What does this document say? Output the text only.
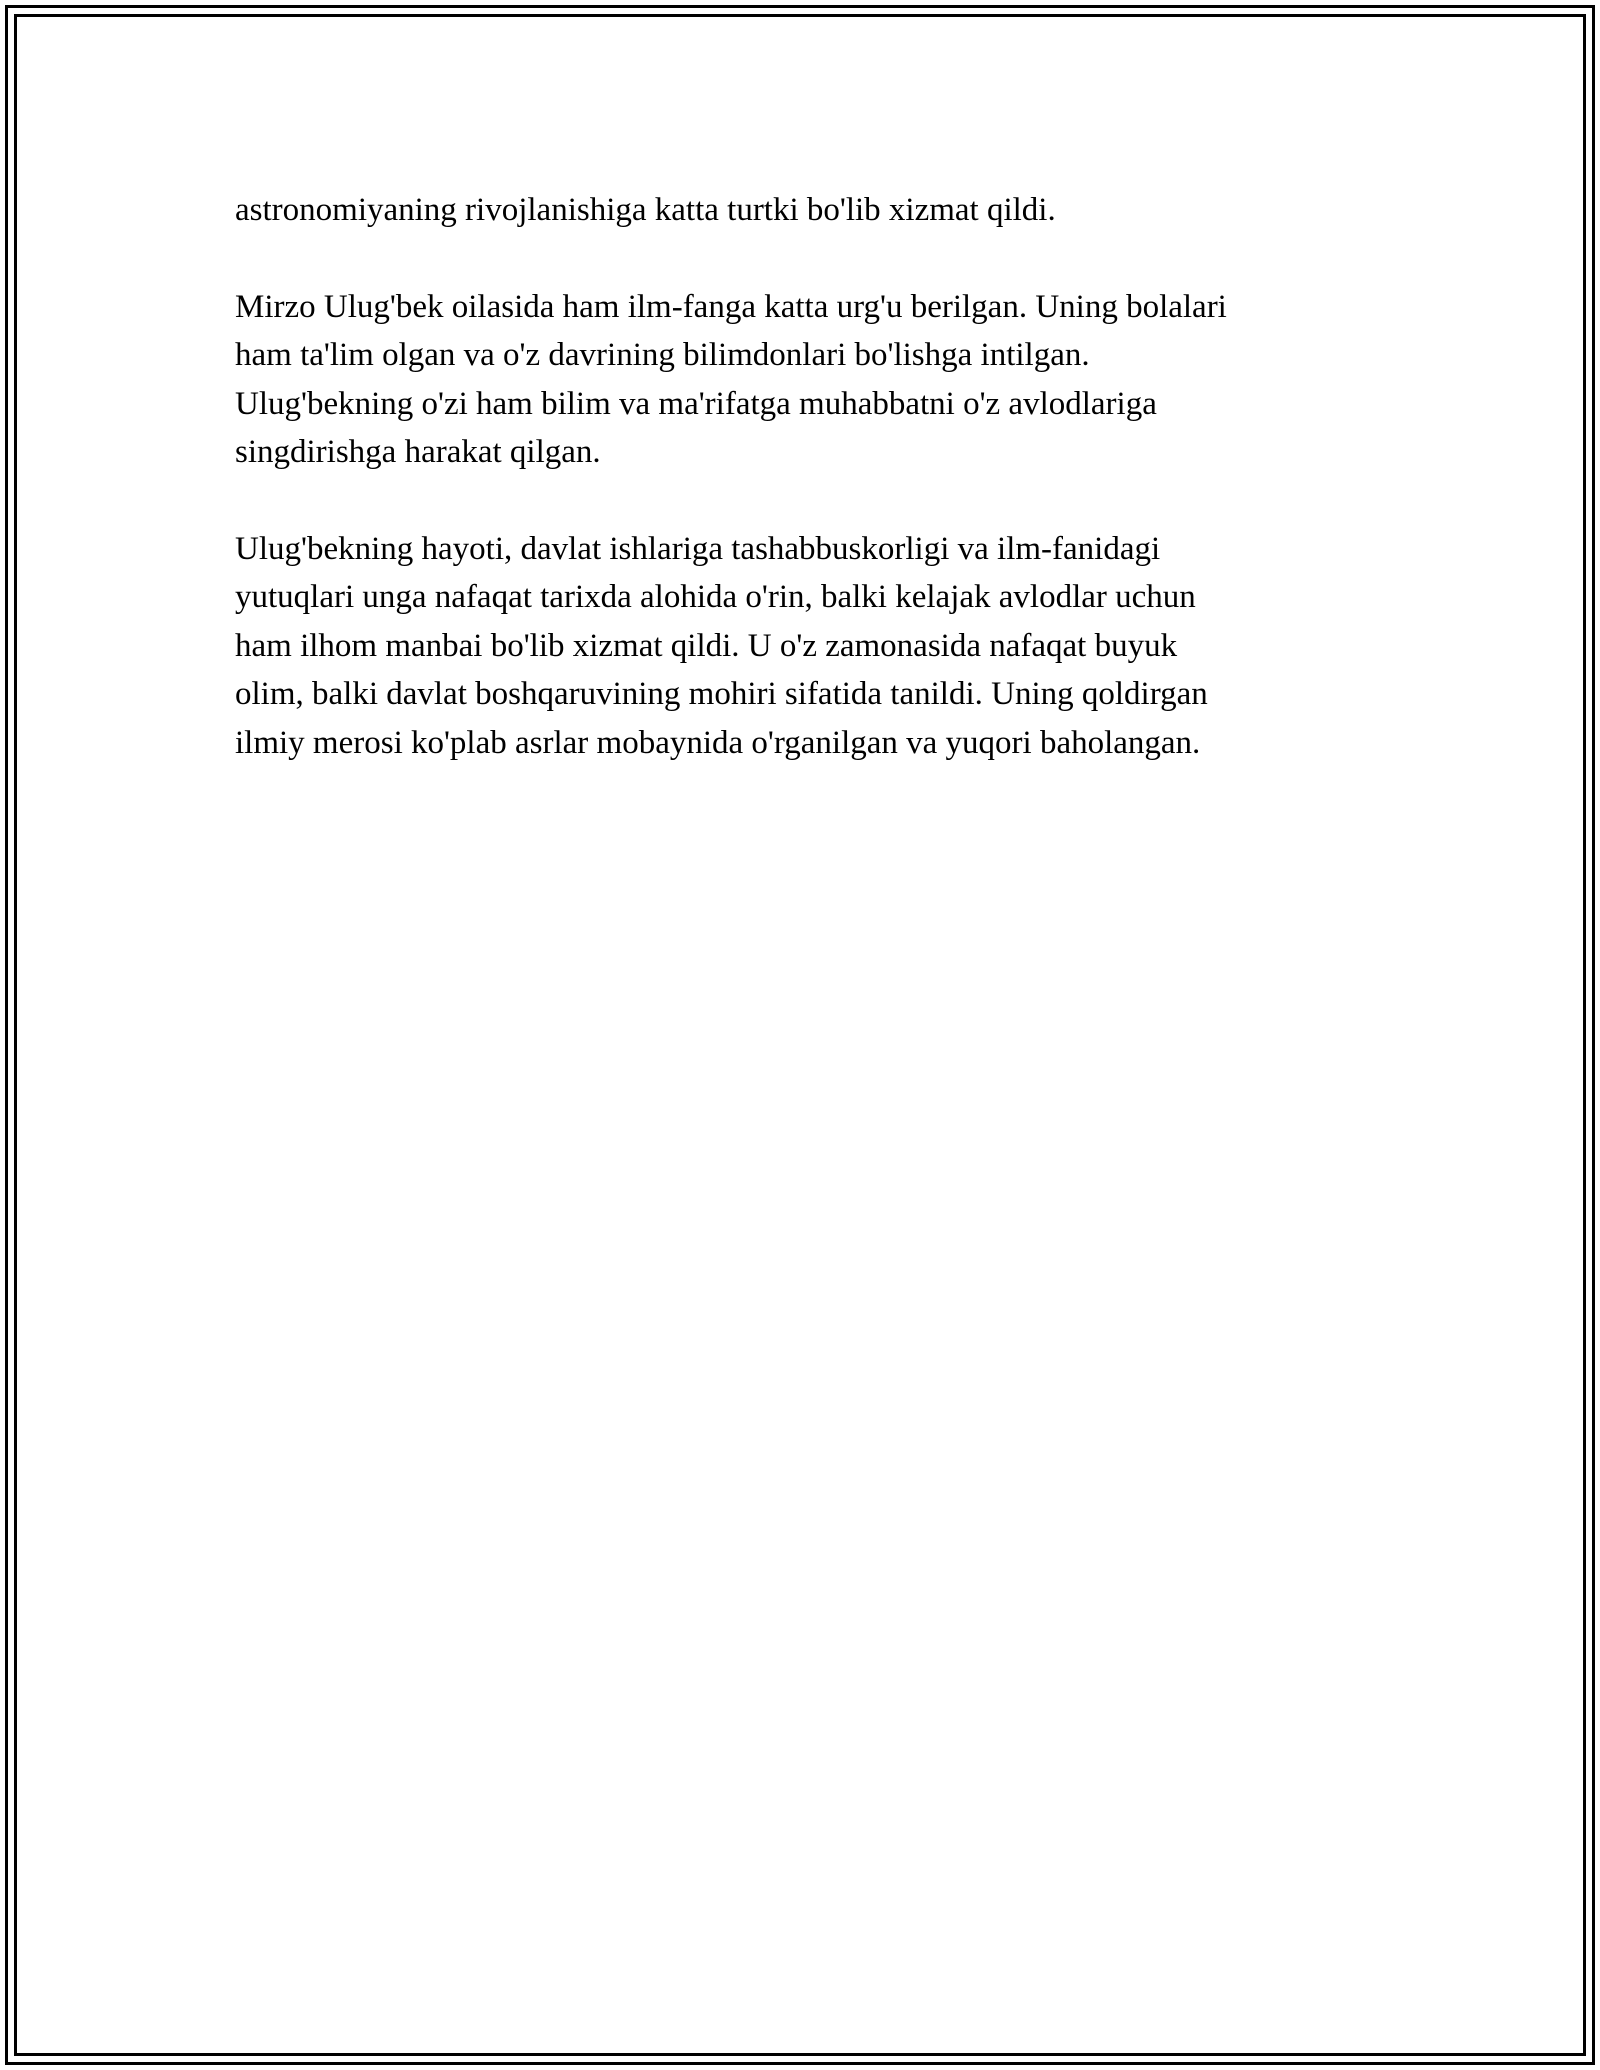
astronomiyaning rivojlanishiga katta turtki bo'lib xizmat qildi.
Mirzo Ulug'bek oilasida ham ilm-fanga katta urg'u berilgan. Uning bolalari
ham ta'lim olgan va o'z davrining bilimdonlari bo'lishga intilgan.
Ulug'bekning o'zi ham bilim va ma'rifatga muhabbatni o'z avlodlariga
singdirishga harakat qilgan.
Ulug'bekning hayoti, davlat ishlariga tashabbuskorligi va ilm-fanidagi
yutuqlari unga nafaqat tarixda alohida o'rin, balki kelajak avlodlar uchun
ham ilhom manbai bo'lib xizmat qildi. U o'z zamonasida nafaqat buyuk
olim, balki davlat boshqaruvining mohiri sifatida tanildi. Uning qoldirgan
ilmiy merosi ko'plab asrlar mobaynida o'rganilgan va yuqori baholangan.
